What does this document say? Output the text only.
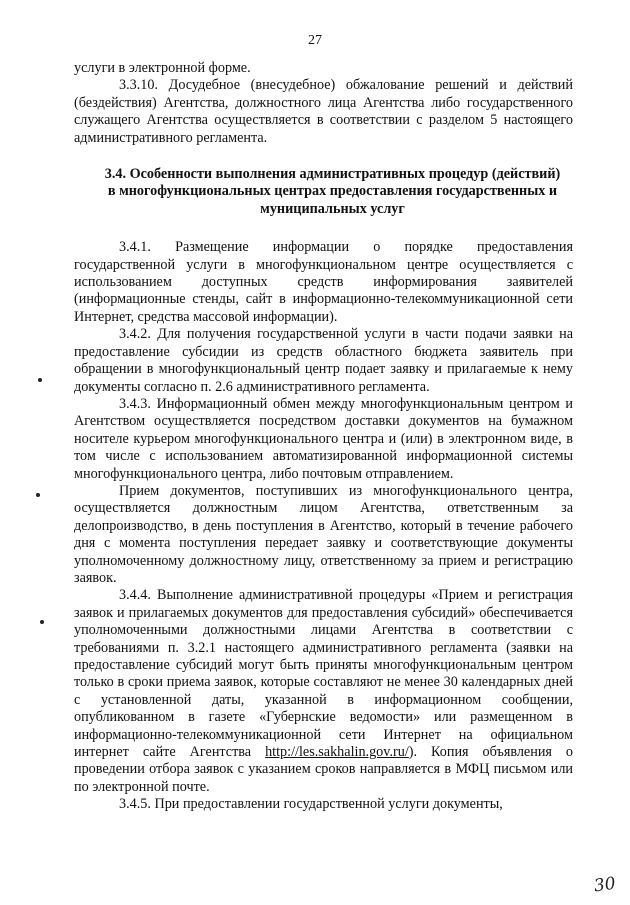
27

услуги в электронной форме.

3.3.10. Досудебное (внесудебное) обжалование решений и действий (бездействия) Агентства, должностного лица Агентства либо государственного служащего Агентства осуществляется в соответствии с разделом 5 настоящего административного регламента.

3.4. Особенности выполнения административных процедур (действий) в многофункциональных центрах предоставления государственных и муниципальных услуг

3.4.1. Размещение информации о порядке предоставления государственной услуги в многофункциональном центре осуществляется с использованием доступных средств информирования заявителей (информационные стенды, сайт в информационно-телекоммуникационной сети Интернет, средства массовой информации).

3.4.2. Для получения государственной услуги в части подачи заявки на предоставление субсидии из средств областного бюджета заявитель при обращении в многофункциональный центр подает заявку и прилагаемые к нему документы согласно п. 2.6 административного регламента.

3.4.3. Информационный обмен между многофункциональным центром и Агентством осуществляется посредством доставки документов на бумажном носителе курьером многофункционального центра и (или) в электронном виде, в том числе с использованием автоматизированной информационной системы многофункционального центра, либо почтовым отправлением.

Прием документов, поступивших из многофункционального центра, осуществляется должностным лицом Агентства, ответственным за делопроизводство, в день поступления в Агентство, который в течение рабочего дня с момента поступления передает заявку и соответствующие документы уполномоченному должностному лицу, ответственному за прием и регистрацию заявок.

3.4.4. Выполнение административной процедуры «Прием и регистрация заявок и прилагаемых документов для предоставления субсидий» обеспечивается уполномоченными должностными лицами Агентства в соответствии с требованиями п. 3.2.1 настоящего административного регламента (заявки на предоставление субсидий могут быть приняты многофункциональным центром только в сроки приема заявок, которые составляют не менее 30 календарных дней с установленной даты, указанной в информационном сообщении, опубликованном в газете «Губернские ведомости» или размещенном в информационно-телекоммуникационной сети Интернет на официальном интернет сайте Агентства http://les.sakhalin.gov.ru/). Копия объявления о проведении отбора заявок с указанием сроков направляется в МФЦ письмом или по электронной почте.

3.4.5. При предоставлении государственной услуги документы,

30
